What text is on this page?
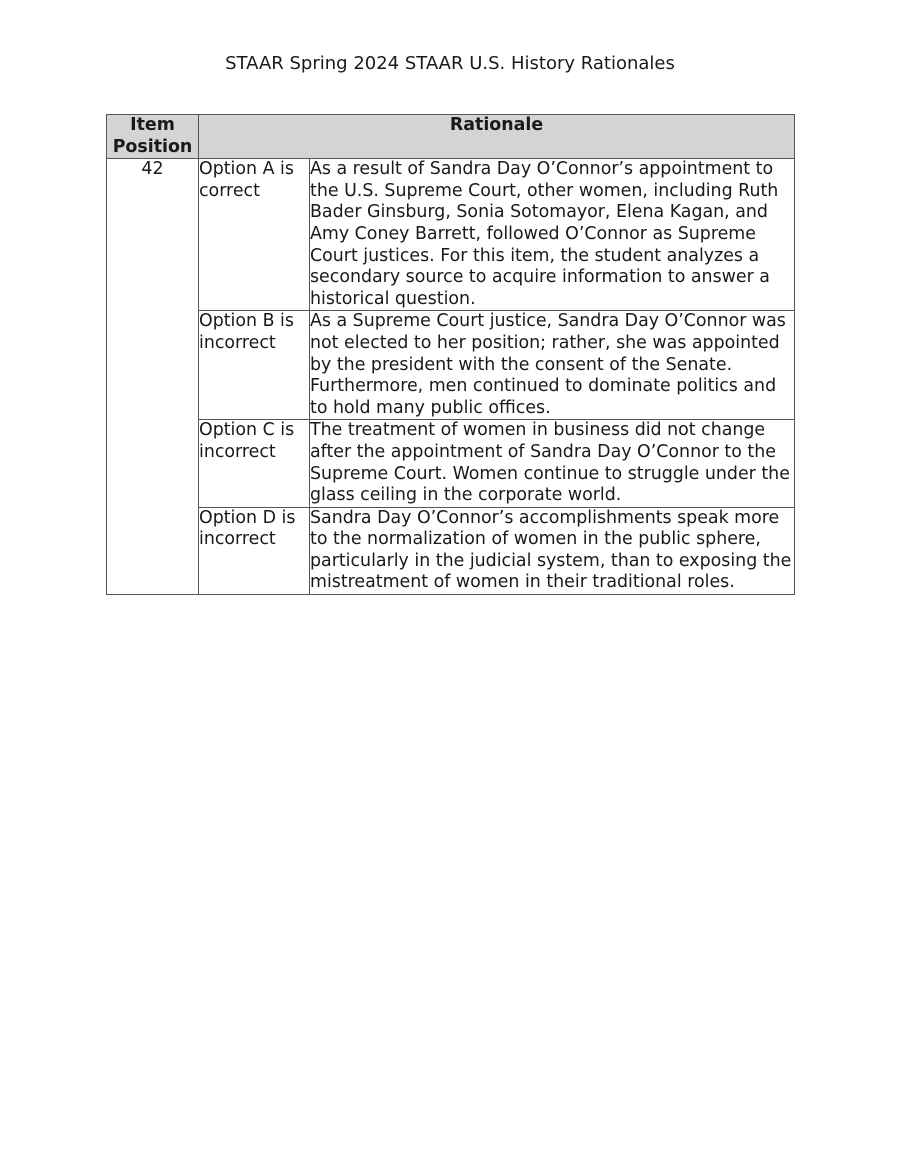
STAAR Spring 2024 STAAR U.S. History Rationales
Item Position	Rationale	
42	Option A is correct	As a result of Sandra Day O’Connor’s appointment to the U.S. Supreme Court, other women, including Ruth Bader Ginsburg, Sonia Sotomayor, Elena Kagan, and Amy Coney Barrett, followed O’Connor as Supreme Court justices. For this item, the student analyzes a secondary source to acquire information to answer a historical question.
	Option B is incorrect	As a Supreme Court justice, Sandra Day O’Connor was not elected to her position; rather, she was appointed by the president with the consent of the Senate. Furthermore, men continued to dominate politics and to hold many public offices.
	Option C is incorrect	The treatment of women in business did not change after the appointment of Sandra Day O’Connor to the Supreme Court. Women continue to struggle under the glass ceiling in the corporate world.
	Option D is incorrect	Sandra Day O’Connor’s accomplishments speak more to the normalization of women in the public sphere, particularly in the judicial system, than to exposing the mistreatment of women in their traditional roles.
